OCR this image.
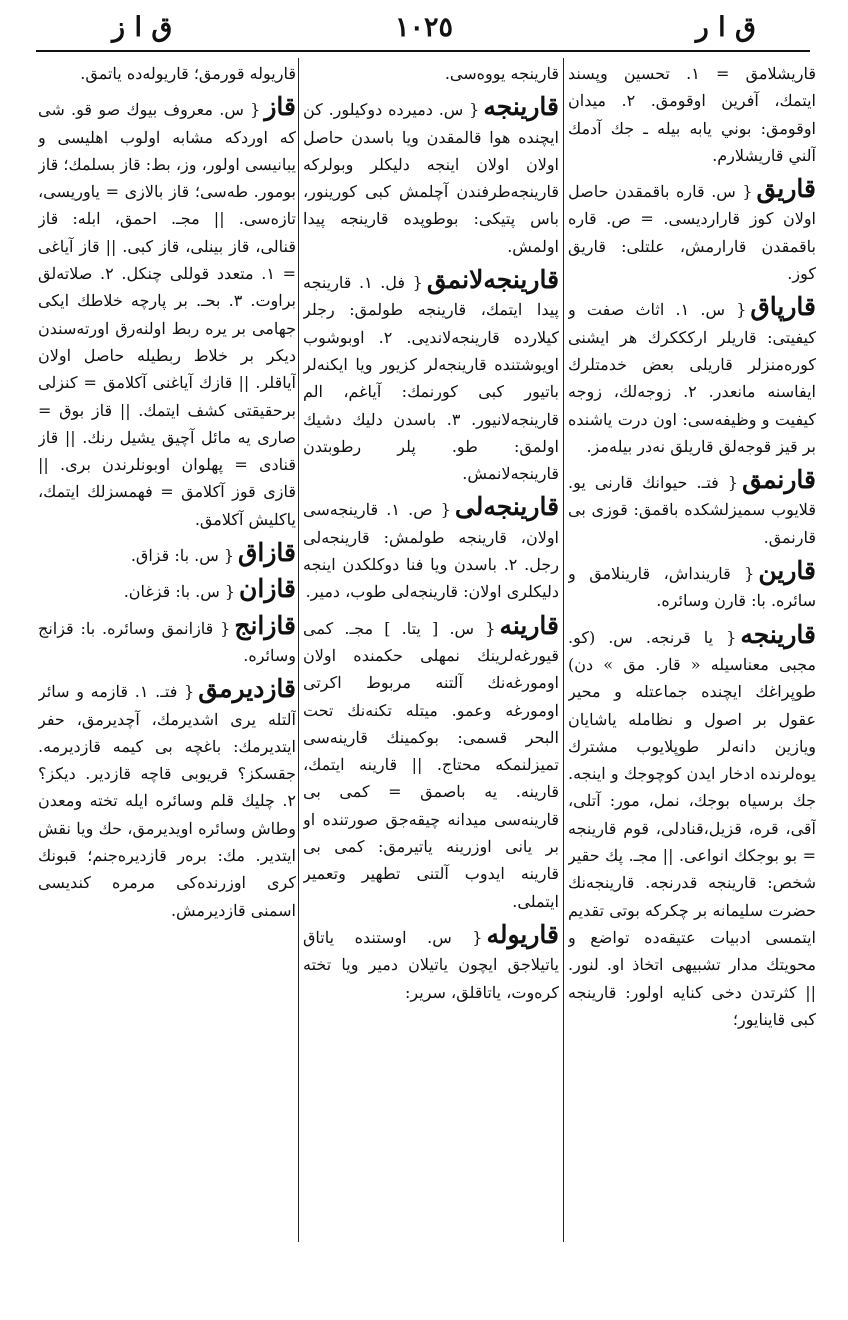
ق ا ز	١٠٢٥	ق ا ر
قاريشلامق = ١. تحسين وپسند ايتمك، آفرين اوقومق. ٢. ميدان اوقومق: بوني يابه بيله ـ جك آدمك آلني قاريشلارم.
قاريق{ س. قاره باقمقدن حاصل اولان كوز قاراردیسی. = ص. قاره باقمقدن قارارمش، علتلی: قاريق كوز.
قارپاق{ س. ١. اثاث صفت و كيفيتی: قاريلر اركككرك هر ايشنی كوره‌منزلر قاريلی بعض خدمتلرك ايفاسنه مانعدر. ٢. زوجه‌لك، زوجه كيفيت و وظيفه‌سی: اون درت ياشنده بر قيز قوجه‌لق قاريلق نه‌در بيله‌مز.
قارنمق{ فتـ. حيوانك قارنی يو. قلايوب سميزلشكده باقمق: قوزی بی قارنمق.
قارين{ قارينداش، قارينلامق و سائره. با: قارن وسائره.
قارينجه{ يا قرنجه. س. (كو. مجبی معناسيله « قار. مق » دن) طوپراغك ايچنده جماعتله و محير عقول بر اصول و نظامله ياشايان ويازين دانه‌لر طوپلايوب مشترك يوه‌لرنده ادخار ايدن كوچوجك و اينجه. جك برسياه بوجك، نمل، مور: آتلی، آقی، قره، قزيل،قنادلی، قوم قارينجه = بو بوجكك انواعی. || مجـ. پك حقير شخص: قارينجه قدرنجه. قارينجه‌نك حضرت سليمانه بر چكركه بوتی تقديم ايتمسی ادبيات عتيقه‌ده تواضع و محويتك مدار تشبيهی اتخاذ او. لنور. || كثرتدن دخی كنايه اولور: قارينجه كبی قاينايور؛
قارينجه يووه‌سی.
قارينجه{ س. دميرده دوكيلور. كن ايچنده هوا قالمقدن ويا باسدن حاصل اولان اولان اينجه دليكلر وبولرکه قارينجه‌طرفندن آچلمش كبی كورينور، باس پتيكی: بوطوپده قارينجه پيدا اولمش.
قارينجه‌لانمق{ فل. ١. قارينجه پيدا ايتمك، قارينجه طولمق: رجلر كيلارده قارينجه‌لانديی. ٢. اوبوشوب اويوشتنده قارينجه‌لر كزيور ويا ايكنه‌لر باتيور كبی كورنمك: آياغم، الم قارينجه‌لانيور. ٣. باسدن دليك دشيك اولمق: طو. پلر رطوبتدن قارينجه‌لانمش.
قارينجه‌لی{ ص. ١. قارينجه‌سی اولان، قارينجه طولمش: قارينجه‌لی رجل. ٢. باسدن ويا فنا دوكلكدن اينجه دليكلری اولان: قارينجه‌لی طوب، دمير.
قارينه{ س. [ يتا. ] مجـ. كمی قيورغه‌لرينك نمهلی حكمنده اولان اومورغه‌نك آلتنه مربوط اكرتی اومورغه وعمو. ميتله تكنه‌نك تحت البحر قسمی: بوكمينك قارينه‌سی تميزلنمكه محتاج. || قارينه ايتمك، قارينه. يه باصمق = كمی بی قارينه‌سی ميدانه چيقه‌جق صورتنده او بر يانی اوزرينه ياتيرمق: كمی بی قارينه ايدوب آلتنی تطهير وتعمير ايتملی.
قاريوله{ س. اوستنده ياتاق ياتيلاجق ايچون ياتيلان دمير ويا تخته كره‌وت، ياتاقلق، سرير:
قاريوله قورمق؛ قاريوله‌ده ياتمق.
قاز{ س. معروف بيوك صو قو. شی كه اوردكه مشابه اولوب اهليسی و يبانيسی اولور، وز، بط: قاز بسلمك؛ قاز بومور. طه‌سی؛ قاز بالازی = ياوريسی، تازه‌سی. || مجـ. احمق، ابله: قاز قنالی، قاز بينلی، قاز كبی. || قاز آياغی = ١. متعدد قوللی چنكل. ٢. صلاته‌لق براوت. ٣. بحـ. بر پارچه خلاطك ايكی جهامی بر يره ربط اولنه‌رق اورته‌سندن ديكر بر خلاط ربطيله حاصل اولان آياقلر. || قازك آياغنی آكلامق = كنزلی برحقيقتی كشف ايتمك. || قاز بوق = صاری يه مائل آچيق يشيل رنك. || قاز قنادی = پهلوان اوبونلرندن بری. || قازی قوز آكلامق = فهمسزلك ايتمك، ياكليش آكلامق.
قازاق{ س. با: قزاق.
قازان{ س. با: قزغان.
قازانج{ قازانمق وسائره. با: قزانج وسائره.
قازديرمق{ فتـ. ١. قازمه و سائر آلتله يری اشديرمك، آچديرمق، حفر ايتديرمك: باغچه بی كيمه قازديرمه. جقسكز؟ قريوبی قاچه قازدير. ديكز؟ ٢. چليك قلم وسائره ايله تخته ومعدن وطاش وسائره اويديرمق، حك ويا نقش ايتدير. مك: بره‌ر قازديره‌جنم؛ قبونك كری اوزرنده‌كی مرمره كنديسی اسمنی قازديرمش.
